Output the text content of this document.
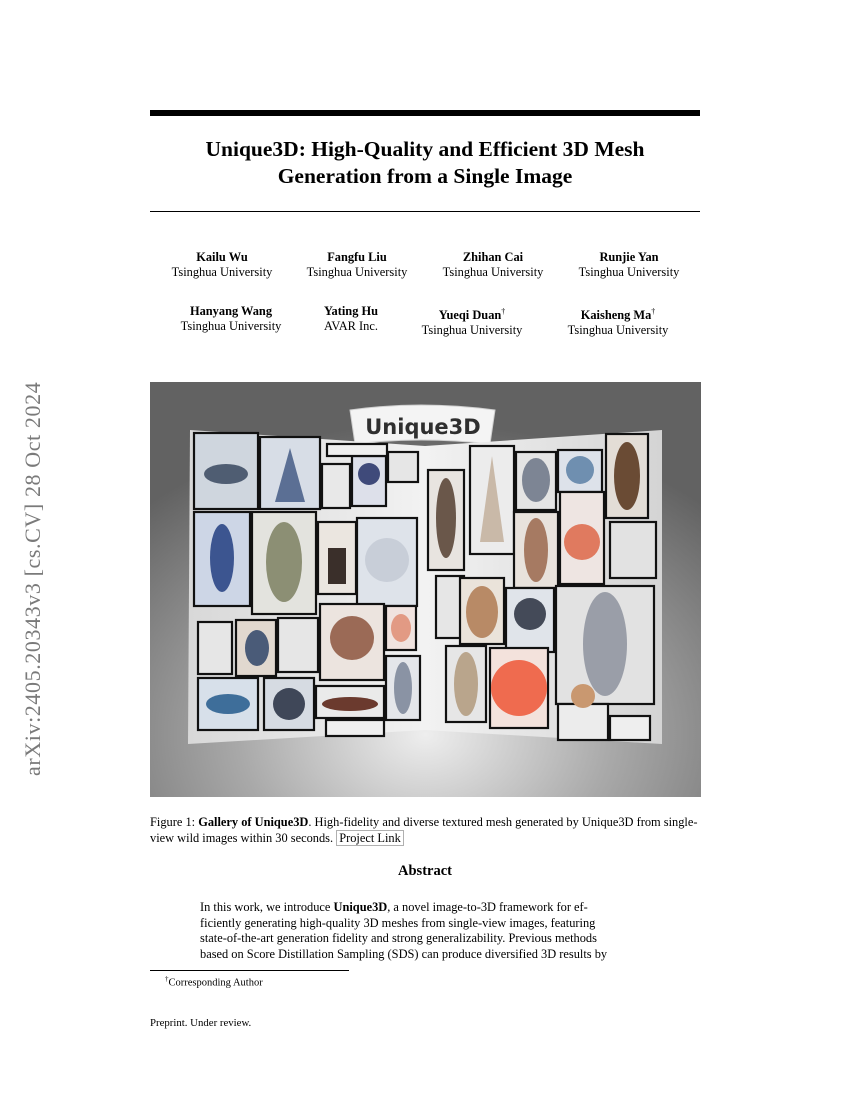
Unique3D: High-Quality and Efficient 3D Mesh
Generation from a Single Image
arXiv:2405.20343v3 [cs.CV] 28 Oct 2024
Kailu Wu
Tsinghua University
Fangfu Liu
Tsinghua University
Zhihan Cai
Tsinghua University
Runjie Yan
Tsinghua University
Hanyang Wang
Tsinghua University
Yating Hu
AVAR Inc.
Yueqi Duan†
Tsinghua University
Kaisheng Ma†
Tsinghua University
Unique3D
Figure 1: Gallery of Unique3D. High-fidelity and diverse textured mesh generated by Unique3D from single-view wild images within 30 seconds. Project Link
Abstract
In this work, we introduce Unique3D, a novel image-to-3D framework for ef-
ficiently generating high-quality 3D meshes from single-view images, featuring
state-of-the-art generation fidelity and strong generalizability. Previous methods
based on Score Distillation Sampling (SDS) can produce diversified 3D results by
†Corresponding Author
Preprint. Under review.
